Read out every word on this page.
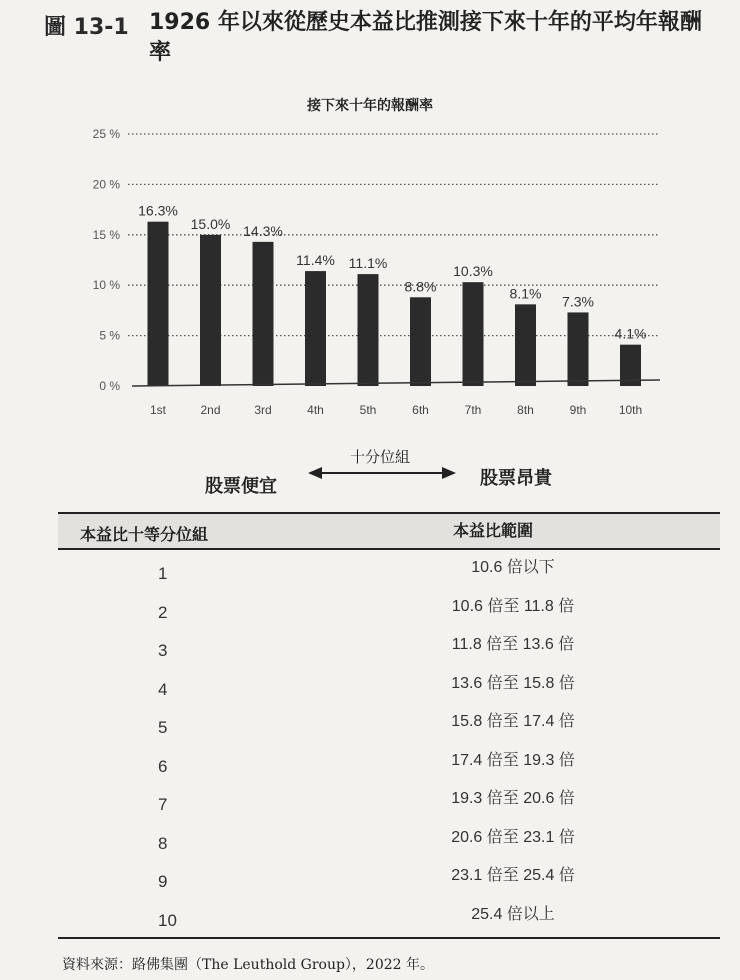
圖 13-1 1926 年以來從歷史本益比推測接下來十年的平均年報酬率
0 %
5 %
10 %
15 %
20 %
25 %
16.3%
1st
15.0%
2nd
14.3%
3rd
11.4%
4th
11.1%
5th
8.8%
6th
10.3%
7th
8.1%
8th
7.3%
9th
4.1%
10th
接下來十年的報酬率
十分位組
股票便宜	股票昂貴
本益比十等分位組	本益比範圍
1	10.6 倍以下
2	10.6 倍至 11.8 倍
3	11.8 倍至 13.6 倍
4	13.6 倍至 15.8 倍
5	15.8 倍至 17.4 倍
6	17.4 倍至 19.3 倍
7	19.3 倍至 20.6 倍
8	20.6 倍至 23.1 倍
9	23.1 倍至 25.4 倍
10	25.4 倍以上
資料來源：路佛集團（The Leuthold Group），2022 年。
